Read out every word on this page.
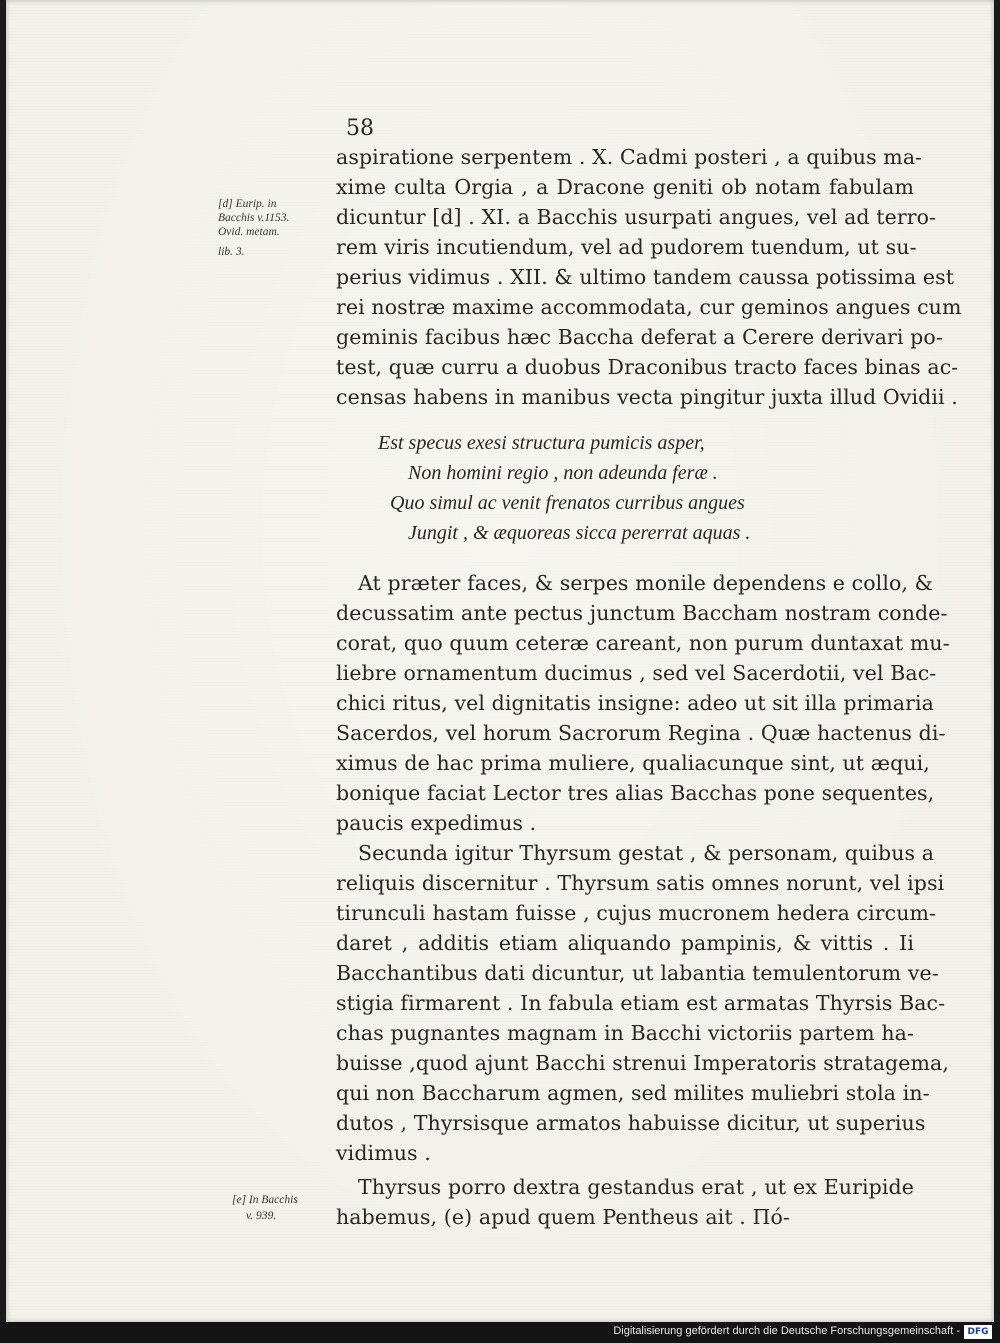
58
aspiratione serpentem . X. Cadmi posteri , a quibus ma-
xime culta Orgia , a Dracone geniti ob notam fabulam
dicuntur [d] . XI. a Bacchis usurpati angues, vel ad terro-
rem viris incutiendum, vel ad pudorem tuendum, ut su-
perius vidimus . XII. & ultimo tandem caussa potissima est
rei nostræ maxime accommodata, cur geminos angues cum
geminis facibus hæc Baccha deferat a Cerere derivari po-
test, quæ curru a duobus Draconibus tracto faces binas ac-
censas habens in manibus vecta pingitur juxta illud Ovidii .
[d] Eurip. in
Bacchis v.1153.
Ovid. metam.
lib. 3.
Est specus exesi structura pumicis asper,
Non homini regio , non adeunda feræ .
Quo simul ac venit frenatos curribus angues
Jungit , & æquoreas sicca pererrat aquas .
At præter faces, & serpes monile dependens e collo, &
decussatim ante pectus junctum Baccham nostram conde-
corat, quo quum ceteræ careant, non purum duntaxat mu-
liebre ornamentum ducimus , sed vel Sacerdotii, vel Bac-
chici ritus, vel dignitatis insigne: adeo ut sit illa primaria
Sacerdos, vel horum Sacrorum Regina . Quæ hactenus di-
ximus de hac prima muliere, qualiacunque sint, ut æqui,
bonique faciat Lector tres alias Bacchas pone sequentes,
paucis expedimus .
Secunda igitur Thyrsum gestat , & personam, quibus a
reliquis discernitur . Thyrsum satis omnes norunt, vel ipsi
tirunculi hastam fuisse , cujus mucronem hedera circum-
daret , additis etiam aliquando pampinis, & vittis . Ii
Bacchantibus dati dicuntur, ut labantia temulentorum ve-
stigia firmarent . In fabula etiam est armatas Thyrsis Bac-
chas pugnantes magnam in Bacchi victoriis partem ha-
buisse ,quod ajunt Bacchi strenui Imperatoris stratagema,
qui non Baccharum agmen, sed milites muliebri stola in-
dutos , Thyrsisque armatos habuisse dicitur, ut superius
vidimus .
Thyrsus porro dextra gestandus erat , ut ex Euripide
habemus, (e) apud quem Pentheus ait . Πό-
[e] In Bacchis
v. 939.
Digitalisierung gefördert durch die Deutsche Forschungsgemeinschaft - DFG
